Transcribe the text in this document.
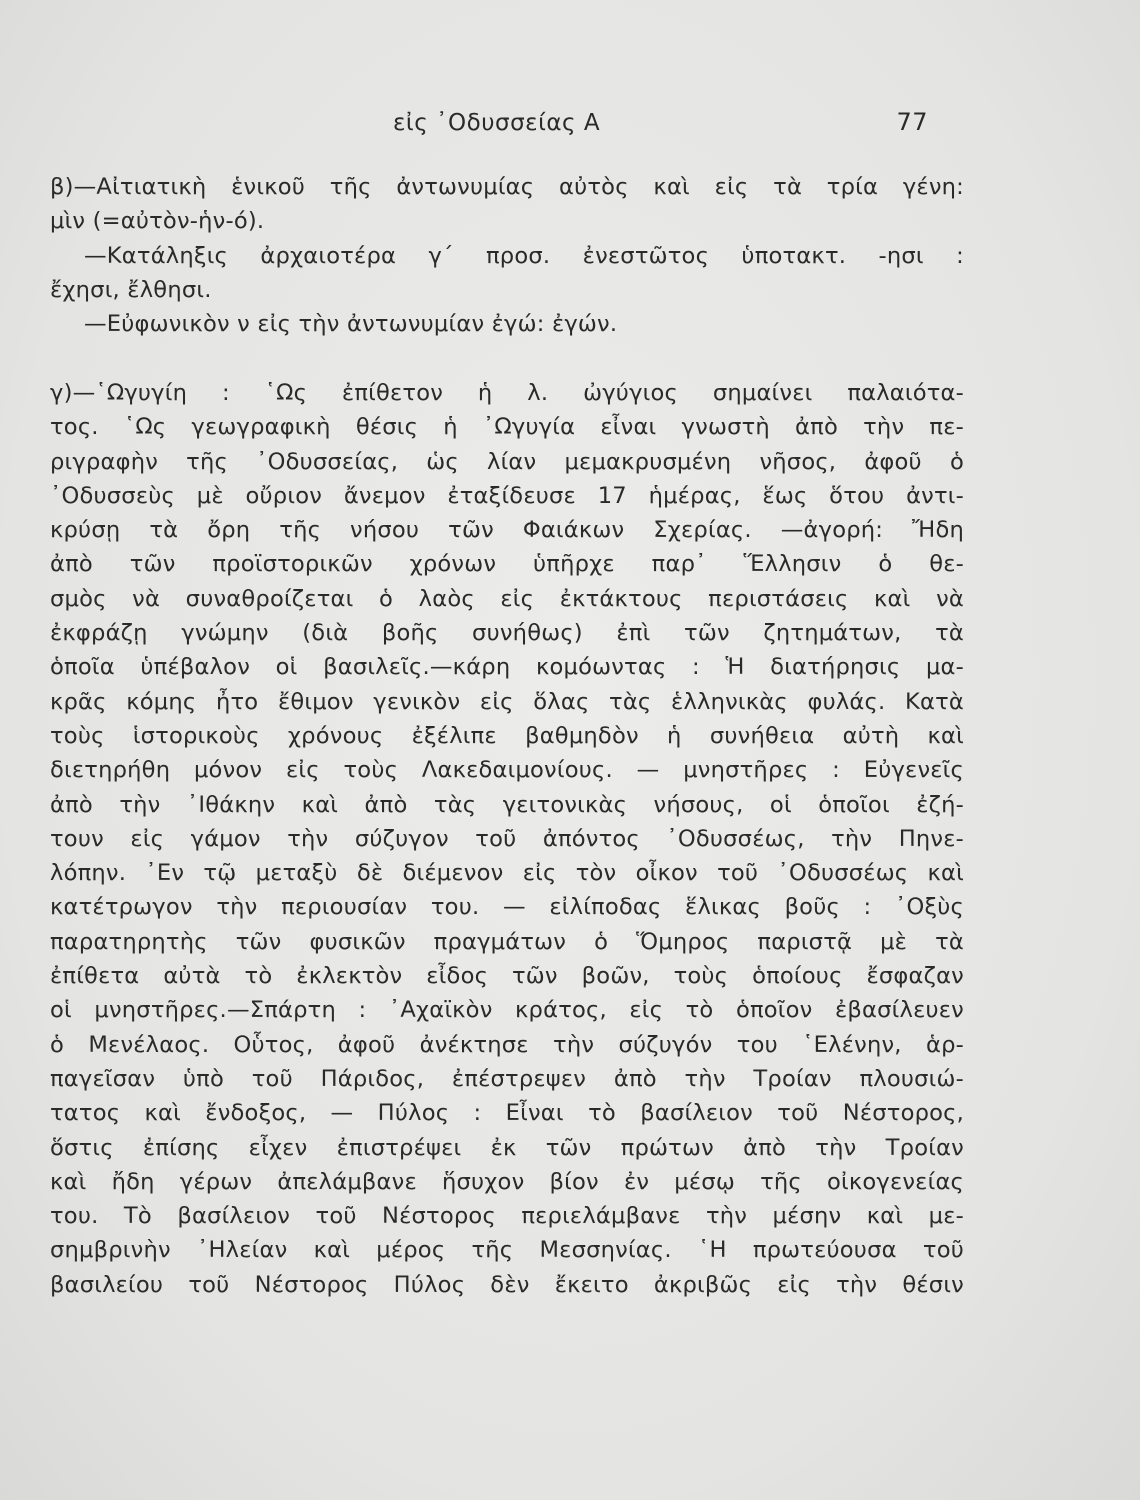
εἰς ᾿Οδυσσείας Α	77
β)—Αἰτιατικὴ ἑνικοῦ τῆς ἀντωνυμίας αὐτὸς καὶ εἰς τὰ τρία γένη:
μὶν (=αὐτὸν-ἡν-ό).
—Κατάληξις ἀρχαιοτέρα γ΄ προσ. ἐνεστῶτος ὑποτακτ. -ησι :
ἔχησι, ἔλθησι.
—Εὐφωνικὸν ν εἰς τὴν ἀντωνυμίαν ἐγώ: ἐγών.
γ)—῾Ωγυγίη : ῾Ως ἐπίθετον ἡ λ. ὠγύγιος σημαίνει παλαιότα-
τος. ῾Ως γεωγραφικὴ θέσις ἡ ᾿Ωγυγία εἶναι γνωστὴ ἀπὸ τὴν πε-
ριγραφὴν τῆς ᾿Οδυσσείας, ὡς λίαν μεμακρυσμένη νῆσος, ἀφοῦ ὁ
᾿Οδυσσεὺς μὲ οὔριον ἄνεμον ἐταξίδευσε 17 ἡμέρας, ἕως ὅτου ἀντι-
κρύσῃ τὰ ὄρη τῆς νήσου τῶν Φαιάκων Σχερίας. —ἀγορή: Ἤδη
ἀπὸ τῶν προϊστορικῶν χρόνων ὑπῆρχε παρ᾿ Ἕλλησιν ὁ θε-
σμὸς νὰ συναθροίζεται ὁ λαὸς εἰς ἐκτάκτους περιστάσεις καὶ νὰ
ἐκφράζῃ γνώμην (διὰ βοῆς συνήθως) ἐπὶ τῶν ζητημάτων, τὰ
ὁποῖα ὑπέβαλον οἱ βασιλεῖς.—κάρη κομόωντας : Ἡ διατήρησις μα-
κρᾶς κόμης ἦτο ἔθιμον γενικὸν εἰς ὅλας τὰς ἑλληνικὰς φυλάς. Κατὰ
τοὺς ἱστορικοὺς χρόνους ἐξέλιπε βαθμηδὸν ἡ συνήθεια αὐτὴ καὶ
διετηρήθη μόνον εἰς τοὺς Λακεδαιμονίους. — μνηστῆρες : Εὐγενεῖς
ἀπὸ τὴν ᾿Ιθάκην καὶ ἀπὸ τὰς γειτονικὰς νήσους, οἱ ὁποῖοι ἐζή-
τουν εἰς γάμον τὴν σύζυγον τοῦ ἀπόντος ᾿Οδυσσέως, τὴν Πηνε-
λόπην. ᾿Εν τῷ μεταξὺ δὲ διέμενον εἰς τὸν οἶκον τοῦ ᾿Οδυσσέως καὶ
κατέτρωγον τὴν περιουσίαν του. — εἰλίποδας ἕλικας βοῦς : ᾿Οξὺς
παρατηρητὴς τῶν φυσικῶν πραγμάτων ὁ Ὅμηρος παριστᾷ μὲ τὰ
ἐπίθετα αὐτὰ τὸ ἐκλεκτὸν εἶδος τῶν βοῶν, τοὺς ὁποίους ἔσφαζαν
οἱ μνηστῆρες.—Σπάρτη : ᾿Αχαϊκὸν κράτος, εἰς τὸ ὁποῖον ἐβασίλευεν
ὁ Μενέλαος. Οὗτος, ἀφοῦ ἀνέκτησε τὴν σύζυγόν του ῾Ελένην, ἁρ-
παγεῖσαν ὑπὸ τοῦ Πάριδος, ἐπέστρεψεν ἀπὸ τὴν Τροίαν πλουσιώ-
τατος καὶ ἔνδοξος, — Πύλος : Εἶναι τὸ βασίλειον τοῦ Νέστορος,
ὅστις ἐπίσης εἶχεν ἐπιστρέψει ἐκ τῶν πρώτων ἀπὸ τὴν Τροίαν
καὶ ἤδη γέρων ἀπελάμβανε ἥσυχον βίον ἐν μέσῳ τῆς οἰκογενείας
του. Τὸ βασίλειον τοῦ Νέστορος περιελάμβανε τὴν μέσην καὶ με-
σημβρινὴν ᾿Ηλείαν καὶ μέρος τῆς Μεσσηνίας. ῾Η πρωτεύουσα τοῦ
βασιλείου τοῦ Νέστορος Πύλος δὲν ἔκειτο ἀκριβῶς εἰς τὴν θέσιν
